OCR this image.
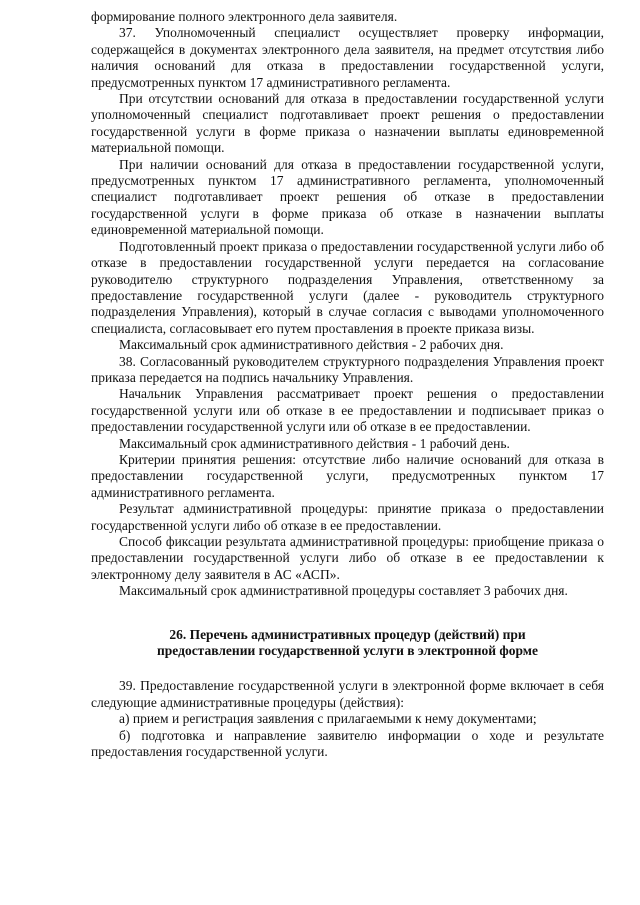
формирование полного электронного дела заявителя.

37. Уполномоченный специалист осуществляет проверку информации, содержащейся в документах электронного дела заявителя, на предмет отсутствия либо наличия оснований для отказа в предоставлении государственной услуги, предусмотренных пунктом 17 административного регламента.

При отсутствии оснований для отказа в предоставлении государственной услуги уполномоченный специалист подготавливает проект решения о предоставлении государственной услуги в форме приказа о назначении выплаты единовременной материальной помощи.

При наличии оснований для отказа в предоставлении государственной услуги, предусмотренных пунктом 17 административного регламента, уполномоченный специалист подготавливает проект решения об отказе в предоставлении государственной услуги в форме приказа об отказе в назначении выплаты единовременной материальной помощи.

Подготовленный проект приказа о предоставлении государственной услуги либо об отказе в предоставлении государственной услуги передается на согласование руководителю структурного подразделения Управления, ответственному за предоставление государственной услуги (далее - руководитель структурного подразделения Управления), который в случае согласия с выводами уполномоченного специалиста, согласовывает его путем проставления в проекте приказа визы.

Максимальный срок административного действия - 2 рабочих дня.

38. Согласованный руководителем структурного подразделения Управления проект приказа передается на подпись начальнику Управления.

Начальник Управления рассматривает проект решения о предоставлении государственной услуги или об отказе в ее предоставлении и подписывает приказ о предоставлении государственной услуги или об отказе в ее предоставлении.

Максимальный срок административного действия - 1 рабочий день.

Критерии принятия решения: отсутствие либо наличие оснований для отказа в предоставлении государственной услуги, предусмотренных пунктом 17 административного регламента.

Результат административной процедуры: принятие приказа о предоставлении государственной услуги либо об отказе в ее предоставлении.

Способ фиксации результата административной процедуры: приобщение приказа о предоставлении государственной услуги либо об отказе в ее предоставлении к электронному делу заявителя в АС «АСП».

Максимальный срок административной процедуры составляет 3 рабочих дня.

26. Перечень административных процедур (действий) при
предоставлении государственной услуги в электронной форме

39. Предоставление государственной услуги в электронной форме включает в себя следующие административные процедуры (действия):

а) прием и регистрация заявления с прилагаемыми к нему документами;

б) подготовка и направление заявителю информации о ходе и результате предоставления государственной услуги.
